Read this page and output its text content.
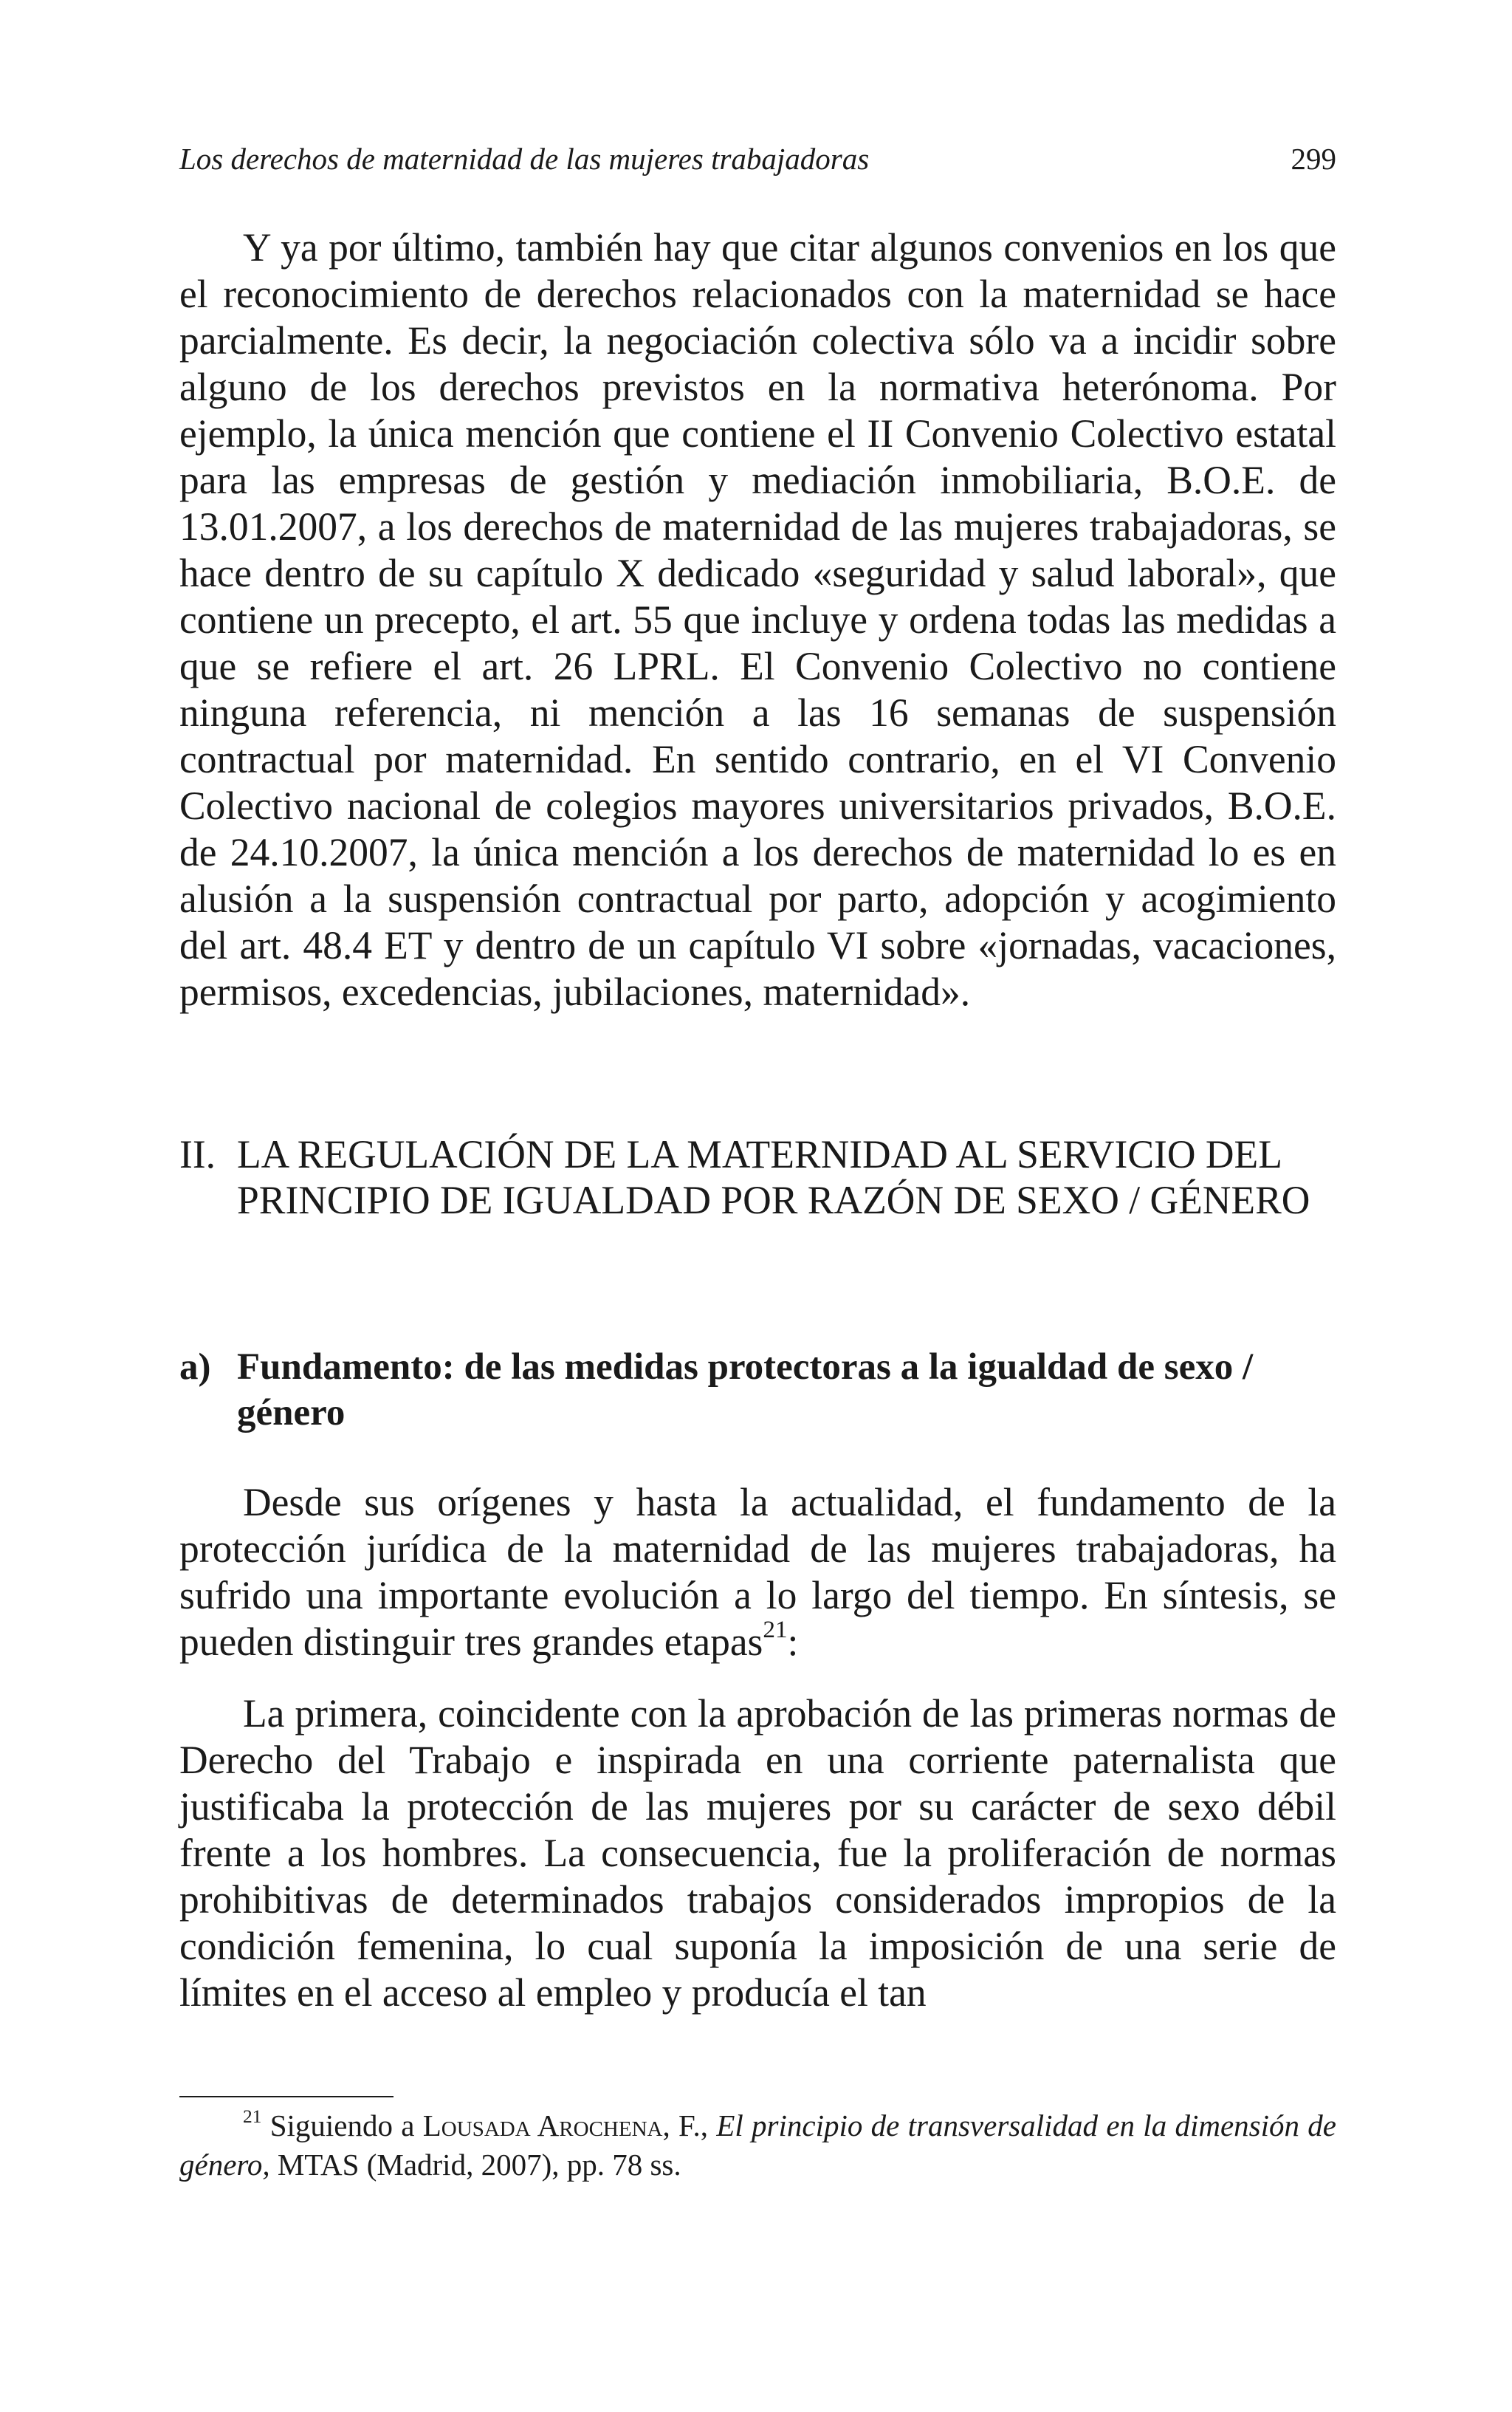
Los derechos de maternidad de las mujeres trabajadoras	299

Y ya por último, también hay que citar algunos convenios en los que el reconocimiento de derechos relacionados con la maternidad se hace parcialmente. Es decir, la negociación colectiva sólo va a incidir sobre alguno de los derechos previstos en la normativa heterónoma. Por ejemplo, la única mención que contiene el II Convenio Colectivo estatal para las empresas de gestión y mediación inmobiliaria, B.O.E. de 13.01.2007, a los derechos de maternidad de las mujeres trabajadoras, se hace dentro de su capítulo X dedicado «seguridad y salud laboral», que contiene un precepto, el art. 55 que incluye y ordena todas las medidas a que se refiere el art. 26 LPRL. El Convenio Colectivo no contiene ninguna referencia, ni mención a las 16 semanas de suspensión contractual por maternidad. En sentido contrario, en el VI Convenio Colectivo nacional de colegios mayores universitarios privados, B.O.E. de 24.10.2007, la única mención a los derechos de maternidad lo es en alusión a la suspensión contractual por parto, adopción y acogimiento del art. 48.4 ET y dentro de un capítulo VI sobre «jornadas, vacaciones, permisos, excedencias, jubilaciones, maternidad».

II. LA REGULACIÓN DE LA MATERNIDAD AL SERVICIO DEL PRINCIPIO DE IGUALDAD POR RAZÓN DE SEXO / GÉNERO
a) Fundamento: de las medidas protectoras a la igualdad de sexo / género

Desde sus orígenes y hasta la actualidad, el fundamento de la protección jurídica de la maternidad de las mujeres trabajadoras, ha sufrido una importante evolución a lo largo del tiempo. En síntesis, se pueden distinguir tres grandes etapas$^{21}$:

La primera, coincidente con la aprobación de las primeras normas de Derecho del Trabajo e inspirada en una corriente paternalista que justificaba la protección de las mujeres por su carácter de sexo débil frente a los hombres. La consecuencia, fue la proliferación de normas prohibitivas de determinados trabajos considerados impropios de la condición femenina, lo cual suponía la imposición de una serie de límites en el acceso al empleo y producía el tan

$^{21}$ Siguiendo a Lousada Arochena, F., El principio de transversalidad en la dimensión de género, MTAS (Madrid, 2007), pp. 78 ss.
